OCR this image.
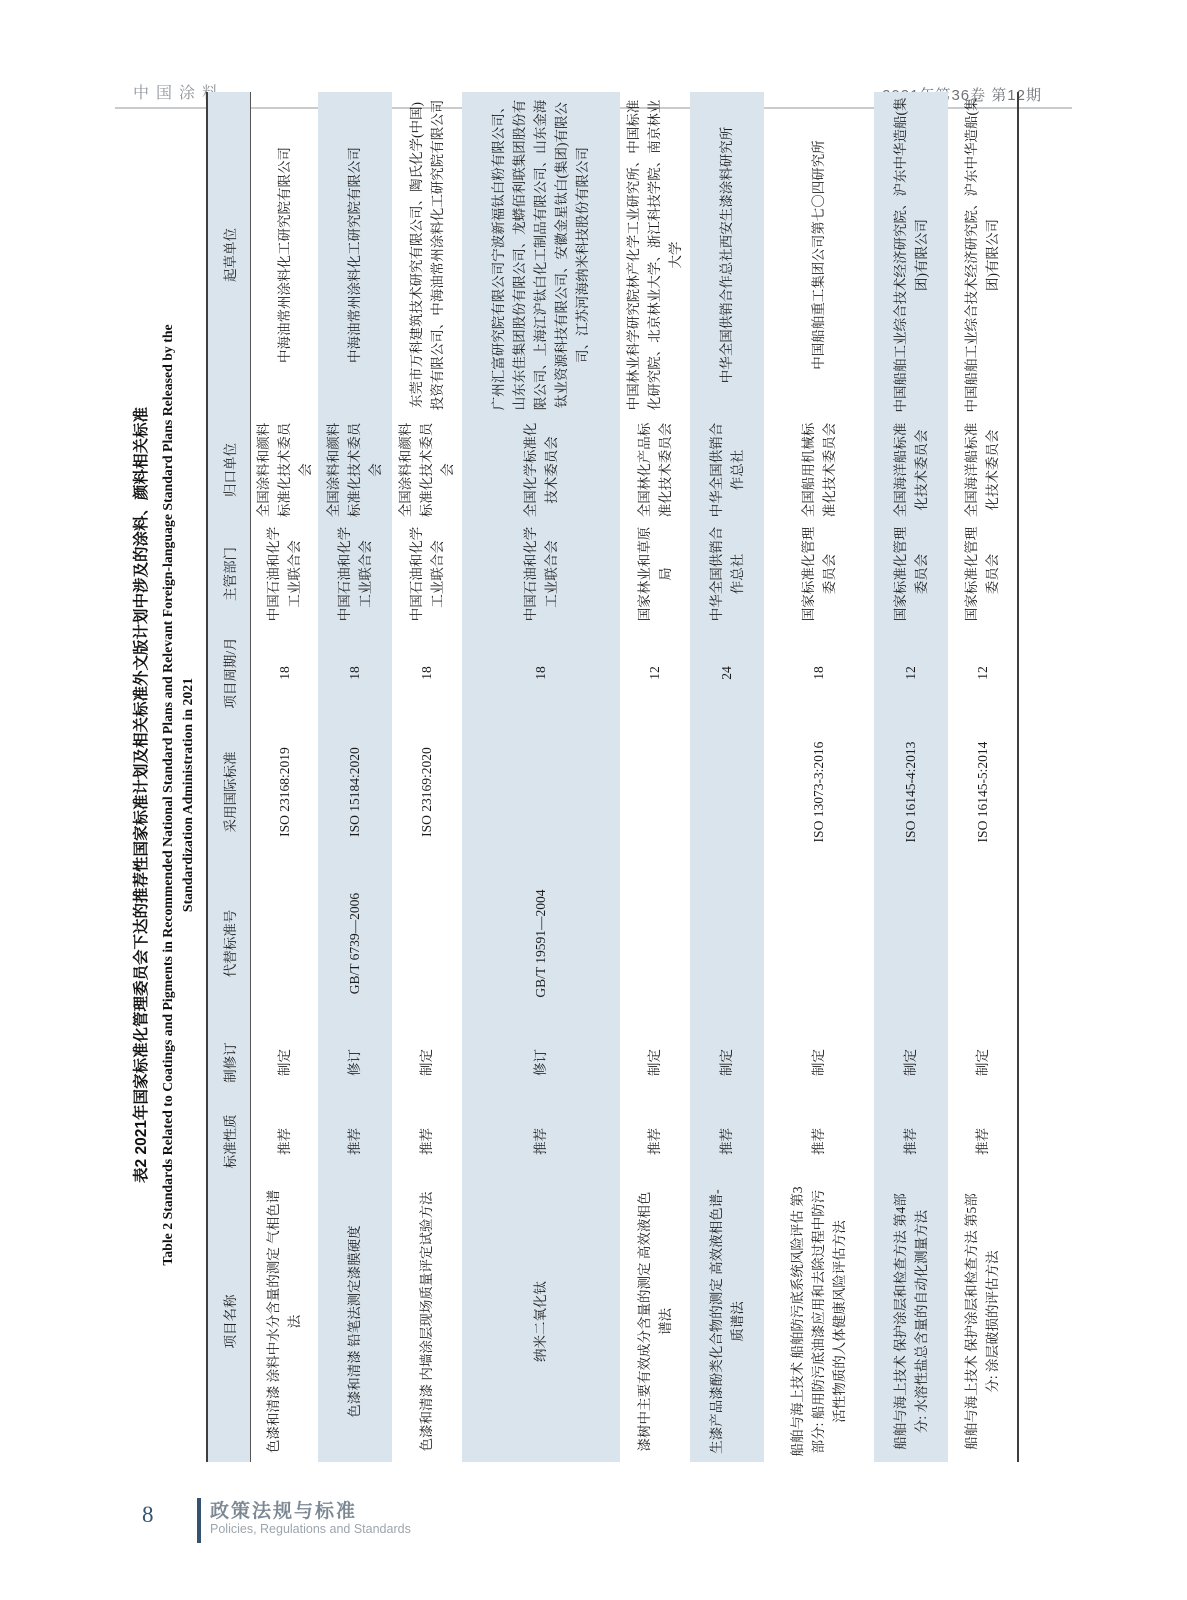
中国涂料	2021年第36卷 第12期

表2 2021年国家标准化管理委员会下达的推荐性国家标准计划及相关标准外文版计划中涉及的涂料、颜料相关标准 Table 2 Standards Related to Coatings and Pigments in Recommended National Standard Plans and Relevant Foreign-language Standard Plans Released by the Standardization Administration in 2021

项目名称	标准性质	制修订	代替标准号	采用国际标准	项目周期/月	主管部门	归口单位	起草单位
色漆和清漆 涂料中水分含量的测定 气相色谱法	推荐	制定		ISO 23168:2019	18	中国石油和化学工业联合会	全国涂料和颜料标准化技术委员会	中海油常州涂料化工研究院有限公司
色漆和清漆 铅笔法测定漆膜硬度	推荐	修订	GB/T 6739—2006	ISO 15184:2020	18	中国石油和化学工业联合会	全国涂料和颜料标准化技术委员会	中海油常州涂料化工研究院有限公司
色漆和清漆 内墙涂层现场质量评定试验方法	推荐	制定		ISO 23169:2020	18	中国石油和化学工业联合会	全国涂料和颜料标准化技术委员会	东莞市万科建筑技术研究有限公司、陶氏化学(中国)投资有限公司、中海油常州涂料化工研究院有限公司
纳米二氧化钛	推荐	修订	GB/T 19591—2004		18	中国石油和化学工业联合会	全国化学标准化技术委员会	广州汇富研究院有限公司宁波新福钛白粉有限公司、山东东佳集团股份有限公司、龙蟒佰利联集团股份有限公司、上海江沪钛白化工制品有限公司、山东金海钛业资源科技有限公司、安徽金星钛白(集团)有限公司、江苏河海纳米科技股份有限公司
漆树中主要有效成分含量的测定 高效液相色谱法	推荐	制定			12	国家林业和草原局	全国林化产品标准化技术委员会	中国林业科学研究院林产化学工业研究所、中国标准化研究院、北京林业大学、浙江科技学院、南京林业大学
生漆产品漆酚类化合物的测定 高效液相色谱-质谱法	推荐	制定			24	中华全国供销合作总社	中华全国供销合作总社	中华全国供销合作总社西安生漆涂料研究所
船舶与海上技术 船舶防污底系统风险评估 第3部分: 船用防污底油漆应用和去除过程中防污活性物质的人体健康风险评估方法	推荐	制定		ISO 13073-3:2016	18	国家标准化管理委员会	全国船用机械标准化技术委员会	中国船舶重工集团公司第七〇四研究所
船舶与海上技术 保护涂层和检查方法 第4部分: 水溶性盐总含量的自动化测量方法	推荐	制定		ISO 16145-4:2013	12	国家标准化管理委员会	全国海洋船标准化技术委员会	中国船舶工业综合技术经济研究院、沪东中华造船(集团)有限公司
船舶与海上技术 保护涂层和检查方法 第5部分: 涂层破损的评估方法	推荐	制定		ISO 16145-5:2014	12	国家标准化管理委员会	全国海洋船标准化技术委员会	中国船舶工业综合技术经济研究院、沪东中华造船(集团)有限公司
8	政策法规与标准
Policies, Regulations and Standards
